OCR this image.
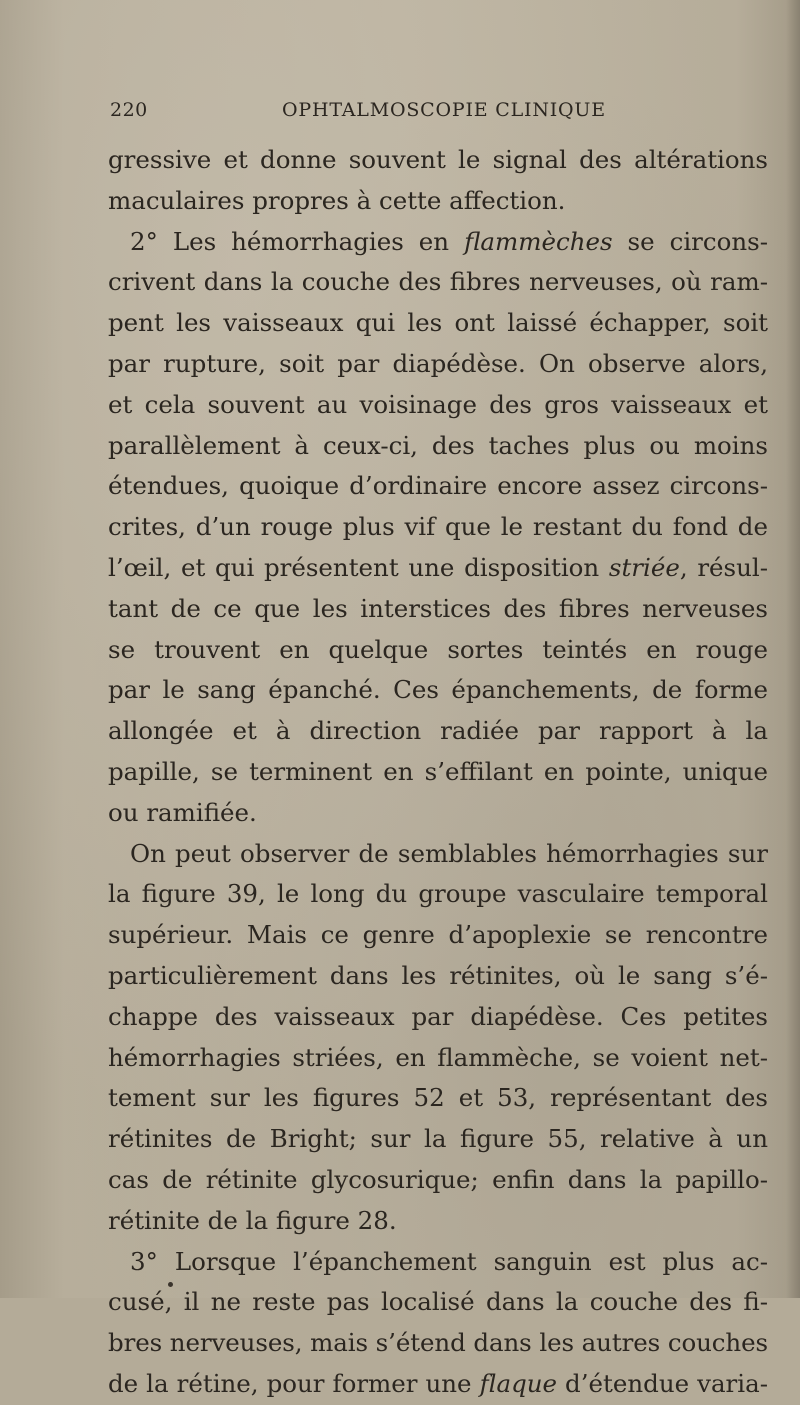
220	OPHTALMOSCOPIE CLINIQUE
gressive et donne souvent le signal des altérations
maculaires propres à cette affection.
2° Les hémorrhagies en flammèches se circons-
crivent dans la couche des fibres nerveuses, où ram-
pent les vaisseaux qui les ont laissé échapper, soit
par rupture, soit par diapédèse. On observe alors,
et cela souvent au voisinage des gros vaisseaux et
parallèlement à ceux-ci, des taches plus ou moins
étendues, quoique d’ordinaire encore assez circons-
crites, d’un rouge plus vif que le restant du fond de
l’œil, et qui présentent une disposition striée, résul-
tant de ce que les interstices des fibres nerveuses
se trouvent en quelque sortes teintés en rouge
par le sang épanché. Ces épanchements, de forme
allongée et à direction radiée par rapport à la
papille, se terminent en s’effilant en pointe, unique
ou ramifiée.
On peut observer de semblables hémorrhagies sur
la figure 39, le long du groupe vasculaire temporal
supérieur. Mais ce genre d’apoplexie se rencontre
particulièrement dans les rétinites, où le sang s’é-
chappe des vaisseaux par diapédèse. Ces petites
hémorrhagies striées, en flammèche, se voient net-
tement sur les figures 52 et 53, représentant des
rétinites de Bright; sur la figure 55, relative à un
cas de rétinite glycosurique; enfin dans la papillo-
rétinite de la figure 28.
3° Lorsque l’épanchement sanguin est plus ac-
cusé, il ne reste pas localisé dans la couche des fi-
bres nerveuses, mais s’étend dans les autres couches
de la rétine, pour former une flaque d’étendue varia-
